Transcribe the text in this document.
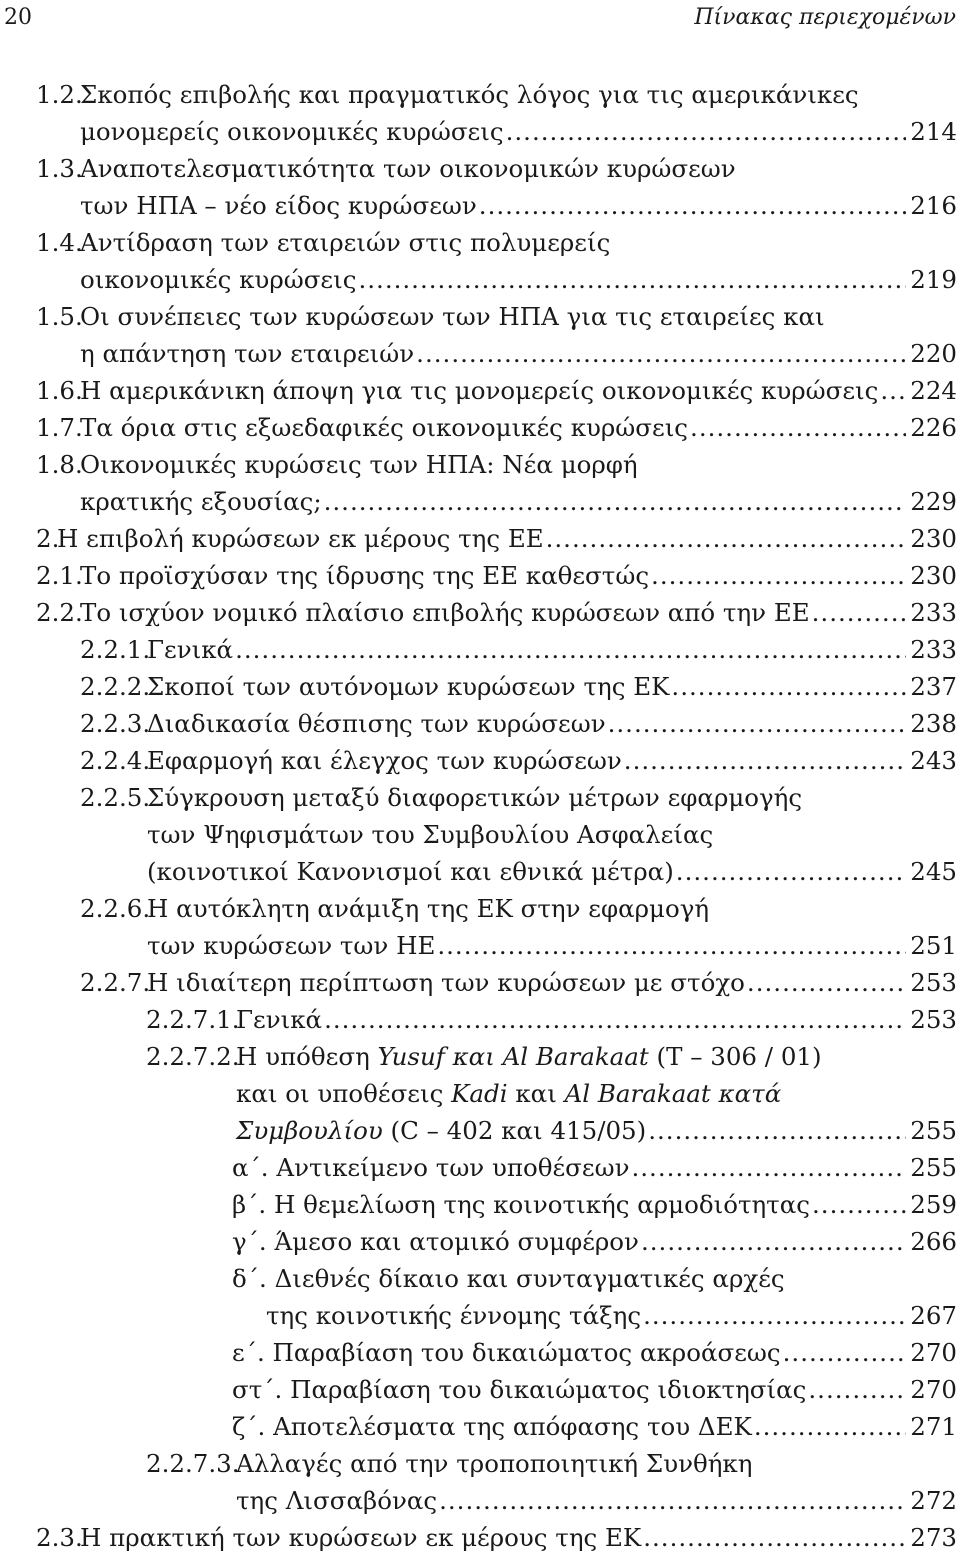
20	Πίνακας περιεχομένων
1.2.
Σκοπός επιβολής και πραγματικός λόγος για τις αμερικάνικες
μονομερείς οικονομικές κυρώσεις .....	214
1.3.
Αναποτελεσματικότητα των οικονομικών κυρώσεων
των ΗΠΑ – νέο είδος κυρώσεων .....	216
1.4.
Αντίδραση των εταιρειών στις πολυμερείς
οικονομικές κυρώσεις .....	219
1.5.
Οι συνέπειες των κυρώσεων των ΗΠΑ για τις εταιρείες και
η απάντηση των εταιρειών .....	220
1.6.
Η αμερικάνικη άποψη για τις μονομερείς οικονομικές κυρώσεις ..... 224
1.7.
Τα όρια στις εξωεδαφικές οικονομικές κυρώσεις .....	226
1.8.
Οικονομικές κυρώσεις των ΗΠΑ: Νέα μορφή
κρατικής εξουσίας; .....	229
2.
Η επιβολή κυρώσεων εκ μέρους της ΕΕ .....	230
2.1.
Το προϊσχύσαν της ίδρυσης της ΕΕ καθεστώς .....	230
2.2.
Το ισχύον νομικό πλαίσιο επιβολής κυρώσεων από την ΕΕ .....	233
2.2.1.
Γενικά .....	233
2.2.2.
Σκοποί των αυτόνομων κυρώσεων της ΕΚ .....	237
2.2.3.
Διαδικασία θέσπισης των κυρώσεων .....	238
2.2.4.
Εφαρμογή και έλεγχος των κυρώσεων .....	243
2.2.5.
Σύγκρουση μεταξύ διαφορετικών μέτρων εφαρμογής
των Ψηφισμάτων του Συμβουλίου Ασφαλείας
(κοινοτικοί Κανονισμοί και εθνικά μέτρα) .....	245
2.2.6.
Η αυτόκλητη ανάμιξη της ΕΚ στην εφαρμογή
των κυρώσεων των ΗΕ .....	251
2.2.7.
Η ιδιαίτερη περίπτωση των κυρώσεων με στόχο .....	253
2.2.7.1.
Γενικά .....	253
2.2.7.2.
Η υπόθεση Yusuf και Al Barakaat (Τ – 306 / 01)
και οι υποθέσεις Kadi και Al Barakaat κατά
Συμβουλίου (C – 402 και 415/05) .....	255
α΄. Αντικείμενο των υποθέσεων .....	255
β΄. Η θεμελίωση της κοινοτικής αρμοδιότητας .....	259
γ΄. Άμεσο και ατομικό συμφέρον .....	266
δ΄. Διεθνές δίκαιο και συνταγματικές αρχές
της κοινοτικής έννομης τάξης .....	267
ε΄. Παραβίαση του δικαιώματος ακροάσεως .....	270
στ΄. Παραβίαση του δικαιώματος ιδιοκτησίας .....	270
ζ΄. Αποτελέσματα της απόφασης του ΔΕΚ .....	271
2.2.7.3.
Αλλαγές από την τροποποιητική Συνθήκη
της Λισσαβόνας .....	272
2.3.
Η πρακτική των κυρώσεων εκ μέρους της ΕΚ .....	273
